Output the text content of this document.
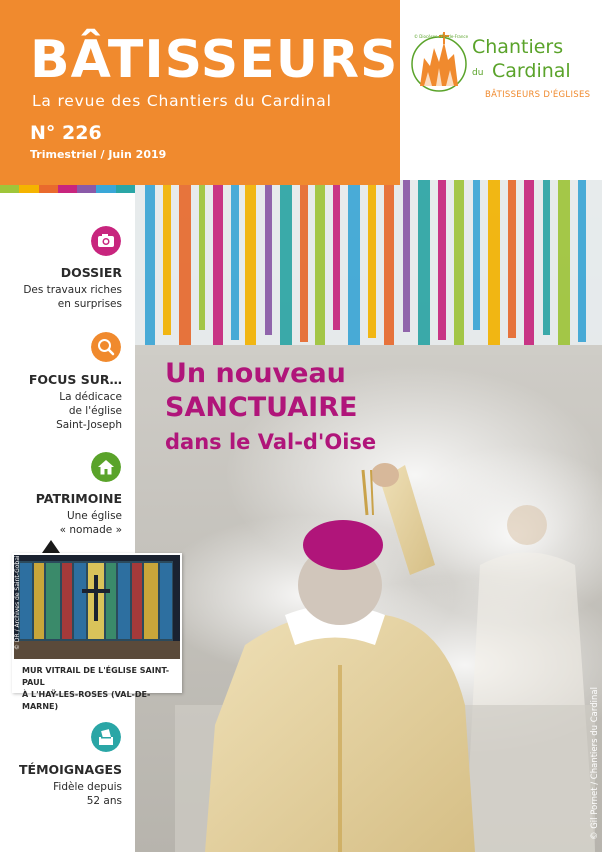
Un nouveau
SANCTUAIRE
dans le Val-d'Oise
© Gil Pornet / Chantiers du Cardinal
BÂTISSEURS
La revue des Chantiers du Cardinal
N° 226
Trimestriel / Juin 2019
© Diocèses d'Île-de-France Chantiers
du Cardinal
BÂTISSEURS D'ÉGLISES
DOSSIER
Des travaux riches
en surprises
FOCUS SUR…
La dédicace
de l'église
Saint-Joseph
PATRIMOINE
Une église
« nomade »
MUR VITRAIL DE L'ÉGLISE SAINT-PAUL
À L'HAŸ-LES-ROSES (VAL-DE-MARNE)
© DR / Archives de Saint-Gobain
TÉMOIGNAGES
Fidèle depuis
52 ans
